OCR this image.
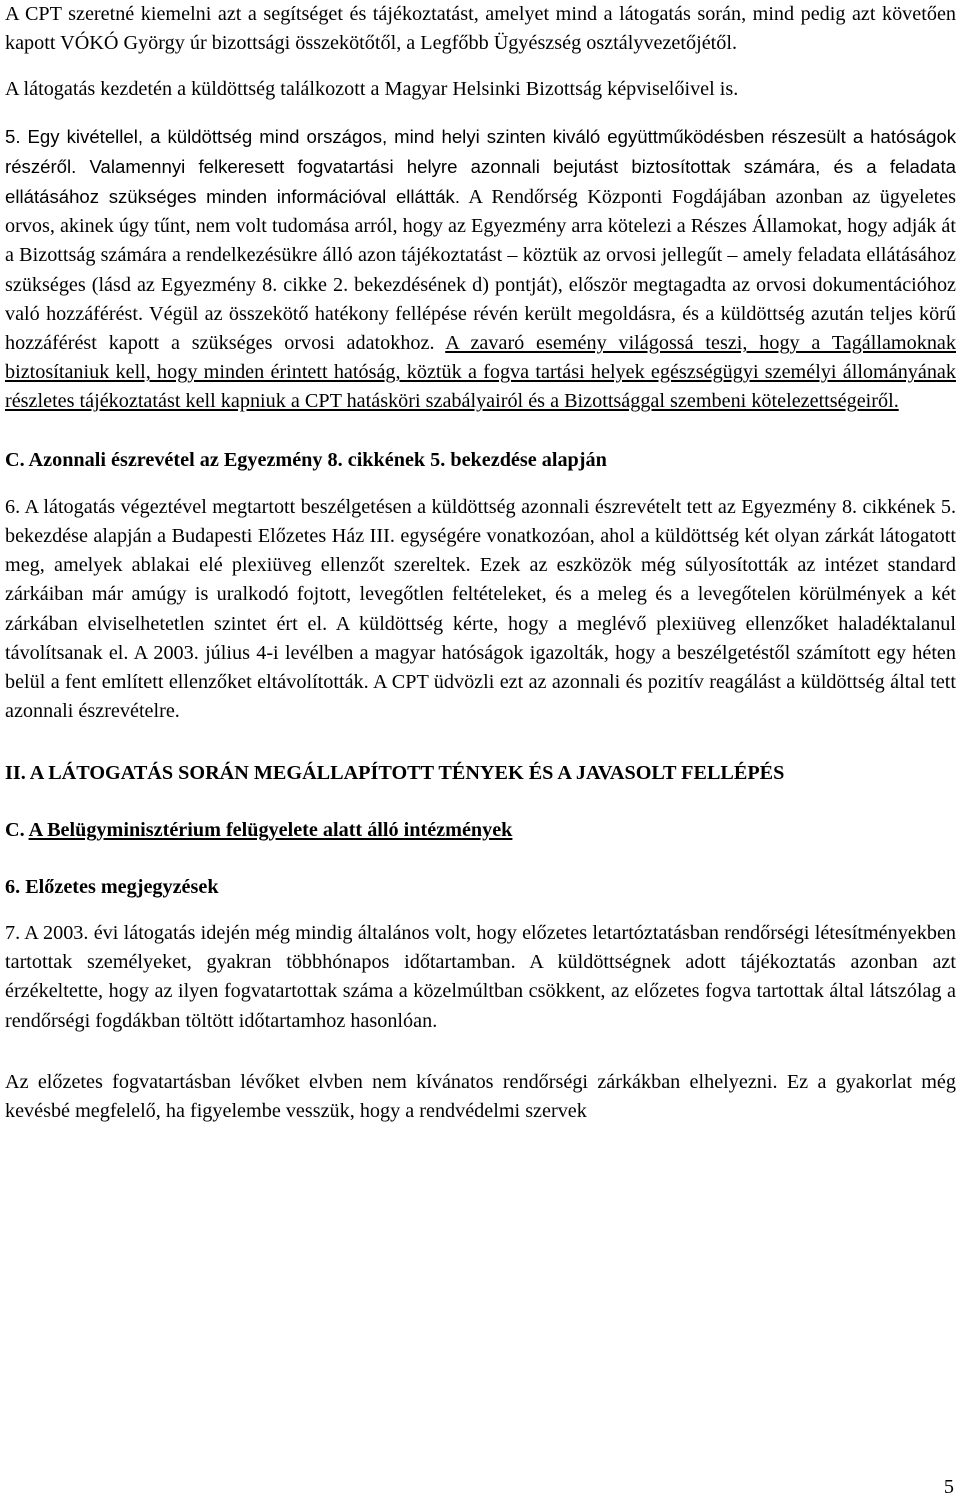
A CPT szeretné kiemelni azt a segítséget és tájékoztatást, amelyet mind a látogatás során, mind pedig azt követően kapott VÓKÓ György úr bizottsági összekötőtől, a Legfőbb Ügyészség osztályvezetőjétől.

A látogatás kezdetén a küldöttség találkozott a Magyar Helsinki Bizottság képviselőivel is.

5. Egy kivétellel, a küldöttség mind országos, mind helyi szinten kiváló együttműködésben részesült a hatóságok részéről. Valamennyi felkeresett fogvatartási helyre azonnali bejutást biztosítottak számára, és a feladata ellátásához szükséges minden információval ellátták. A Rendőrség Központi Fogdájában azonban az ügyeletes orvos, akinek úgy tűnt, nem volt tudomása arról, hogy az Egyezmény arra kötelezi a Részes Államokat, hogy adják át a Bizottság számára a rendelkezésükre álló azon tájékoztatást – köztük az orvosi jellegűt – amely feladata ellátásához szükséges (lásd az Egyezmény 8. cikke 2. bekezdésének d) pontját), először megtagadta az orvosi dokumentációhoz való hozzáférést. Végül az összekötő hatékony fellépése révén került megoldásra, és a küldöttség azután teljes körű hozzáférést kapott a szükséges orvosi adatokhoz. A zavaró esemény világossá teszi, hogy a Tagállamoknak biztosítaniuk kell, hogy minden érintett hatóság, köztük a fogva tartási helyek egészségügyi személyi állományának részletes tájékoztatást kell kapniuk a CPT hatásköri szabályairól és a Bizottsággal szembeni kötelezettségeiről.

C. Azonnali észrevétel az Egyezmény 8. cikkének 5. bekezdése alapján

6. A látogatás végeztével megtartott beszélgetésen a küldöttség azonnali észrevételt tett az Egyezmény 8. cikkének 5. bekezdése alapján a Budapesti Előzetes Ház III. egységére vonatkozóan, ahol a küldöttség két olyan zárkát látogatott meg, amelyek ablakai elé plexiüveg ellenzőt szereltek. Ezek az eszközök még súlyosították az intézet standard zárkáiban már amúgy is uralkodó fojtott, levegőtlen feltételeket, és a meleg és a levegőtelen körülmények a két zárkában elviselhetetlen szintet ért el. A küldöttség kérte, hogy a meglévő plexiüveg ellenzőket haladéktalanul távolítsanak el. A 2003. július 4-i levélben a magyar hatóságok igazolták, hogy a beszélgetéstől számított egy héten belül a fent említett ellenzőket eltávolították. A CPT üdvözli ezt az azonnali és pozitív reagálást a küldöttség által tett azonnali észrevételre.

II. A LÁTOGATÁS SORÁN MEGÁLLAPÍTOTT TÉNYEK ÉS A JAVASOLT FELLÉPÉS

C. A Belügyminisztérium felügyelete alatt álló intézmények

6. Előzetes megjegyzések

7. A 2003. évi látogatás idején még mindig általános volt, hogy előzetes letartóztatásban rendőrségi létesítményekben tartottak személyeket, gyakran többhónapos időtartamban. A küldöttségnek adott tájékoztatás azonban azt érzékeltette, hogy az ilyen fogvatartottak száma a közelmúltban csökkent, az előzetes fogva tartottak által látszólag a rendőrségi fogdákban töltött időtartamhoz hasonlóan.

Az előzetes fogvatartásban lévőket elvben nem kívánatos rendőrségi zárkákban elhelyezni. Ez a gyakorlat még kevésbé megfelelő, ha figyelembe vesszük, hogy a rendvédelmi szervek

5
